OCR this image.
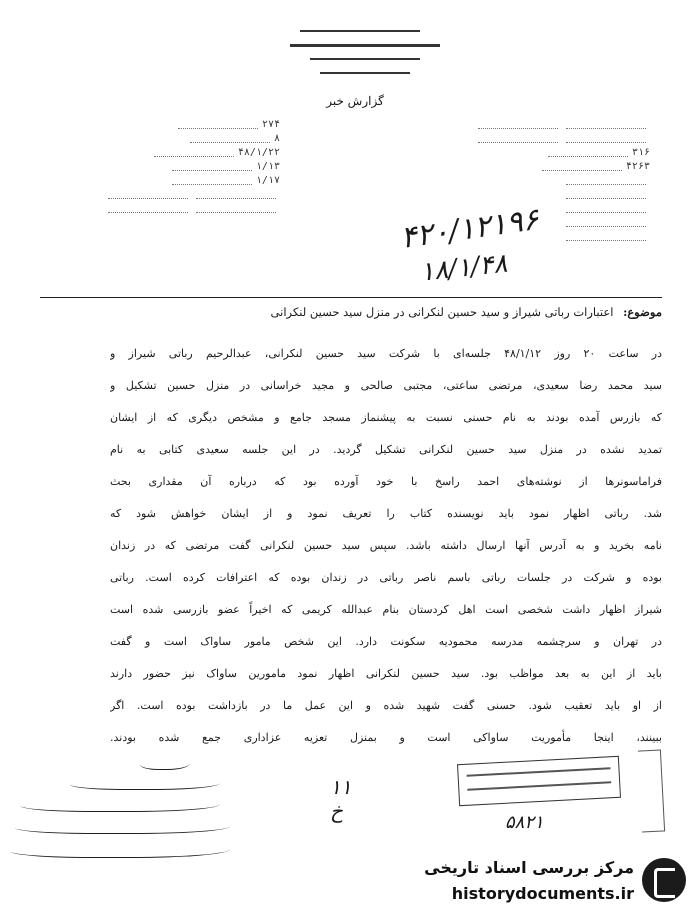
گزارش خبر
۳۱۶
۴۲۶۳
۲۷۴
۸
۴۸/۱/۲۲
۱/۱۳
۱/۱۷
۴۲۰/۱۲۱۹۶
۱۸/۱/۴۸
موضوع: اعتبارات رباتی شیراز و سید حسین لنکرانی در منزل سید حسین لنکرانی
در ساعت ۲۰ روز ۴۸/۱/۱۲ جلسه‌ای با شرکت سید حسین لنکرانی، عبدالرحیم رباتی شیراز و
سید محمد رضا سعیدی، مرتضی ساعتی، مجتبی صالحی و مجید خراسانی در منزل حسین تشکیل و
که بازرس آمده بودند به نام حسنی نسبت به پیشنماز مسجد جامع و مشخص دیگری که از ایشان
تمدید نشده در منزل سید حسین لنکرانی تشکیل گردید. در این جلسه سعیدی کتابی به نام
فراماسونرها از نوشته‌های احمد راسخ با خود آورده بود که درباره آن مقداری بحث
شد. رباتی اظهار نمود باید نویسنده کتاب را تعریف نمود و از ایشان خواهش شود که
نامه بخرید و به آدرس آنها ارسال داشته باشد. سپس سید حسین لنکرانی گفت مرتضی که در زندان
بوده و شرکت در جلسات رباتی باسم ناصر رباتی در زندان بوده که اعترافات کرده است. رباتی
شیراز اظهار داشت شخصی است اهل کردستان بنام عبدالله کریمی که اخیراً عضو بازرسی شده است
در تهران و سرچشمه مدرسه محمودیه سکونت دارد. این شخص مامور ساواک است و گفت
باید از این به بعد مواظب بود. سید حسین لنکرانی اظهار نمود مامورین ساواک نیز حضور دارند
از او باید تعقیب شود. حسنی گفت شهید شده و این عمل ما در بازداشت بوده است. اگر
ببینند، اینجا مأموریت ساواکی است و بمنزل تعزیه عزاداری جمع شده بودند.
۱۱ خ	۵۸۲۱
مرکز بررسی اسناد تاریخی
historydocuments.ir
